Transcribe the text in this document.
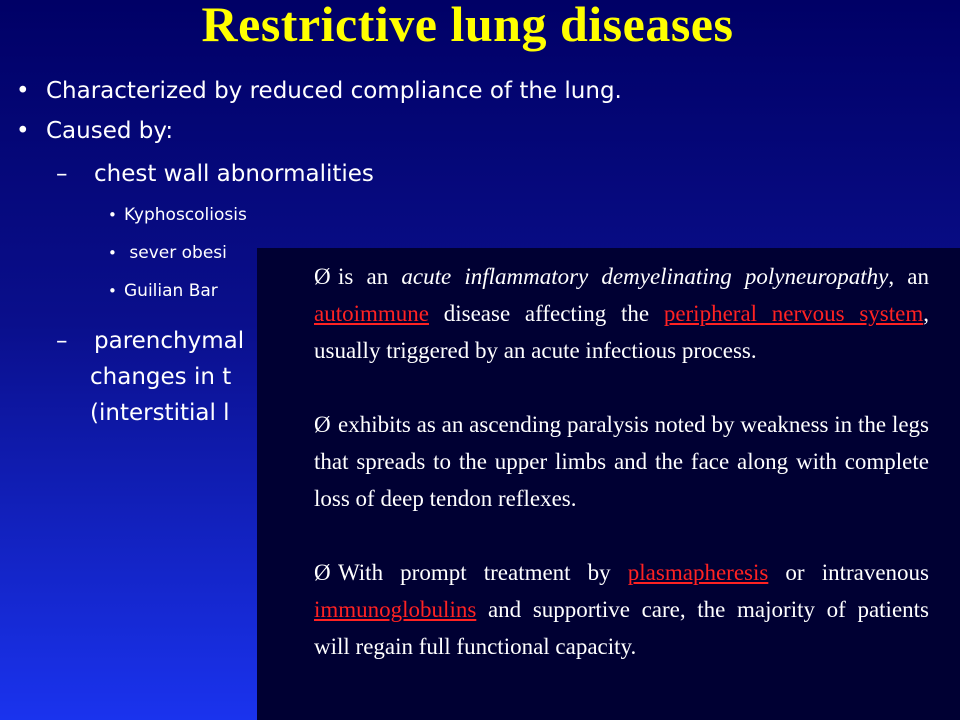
Restrictive lung diseases
• Characterized by reduced compliance of the lung.
• Caused by:
– chest wall abnormalities
• Kyphoscoliosis
• sever obesi
• Guilian Bar
– parenchymal
changes in t
(interstitial l
Ø is an acute inflammatory demyelinating polyneuropathy, an autoimmune disease affecting the peripheral nervous system, usually triggered by an acute infectious process.
Ø exhibits as an ascending paralysis noted by weakness in the legs that spreads to the upper limbs and the face along with complete loss of deep tendon reflexes.
Ø With prompt treatment by plasmapheresis or intravenous immunoglobulins and supportive care, the majority of patients will regain full functional capacity.
